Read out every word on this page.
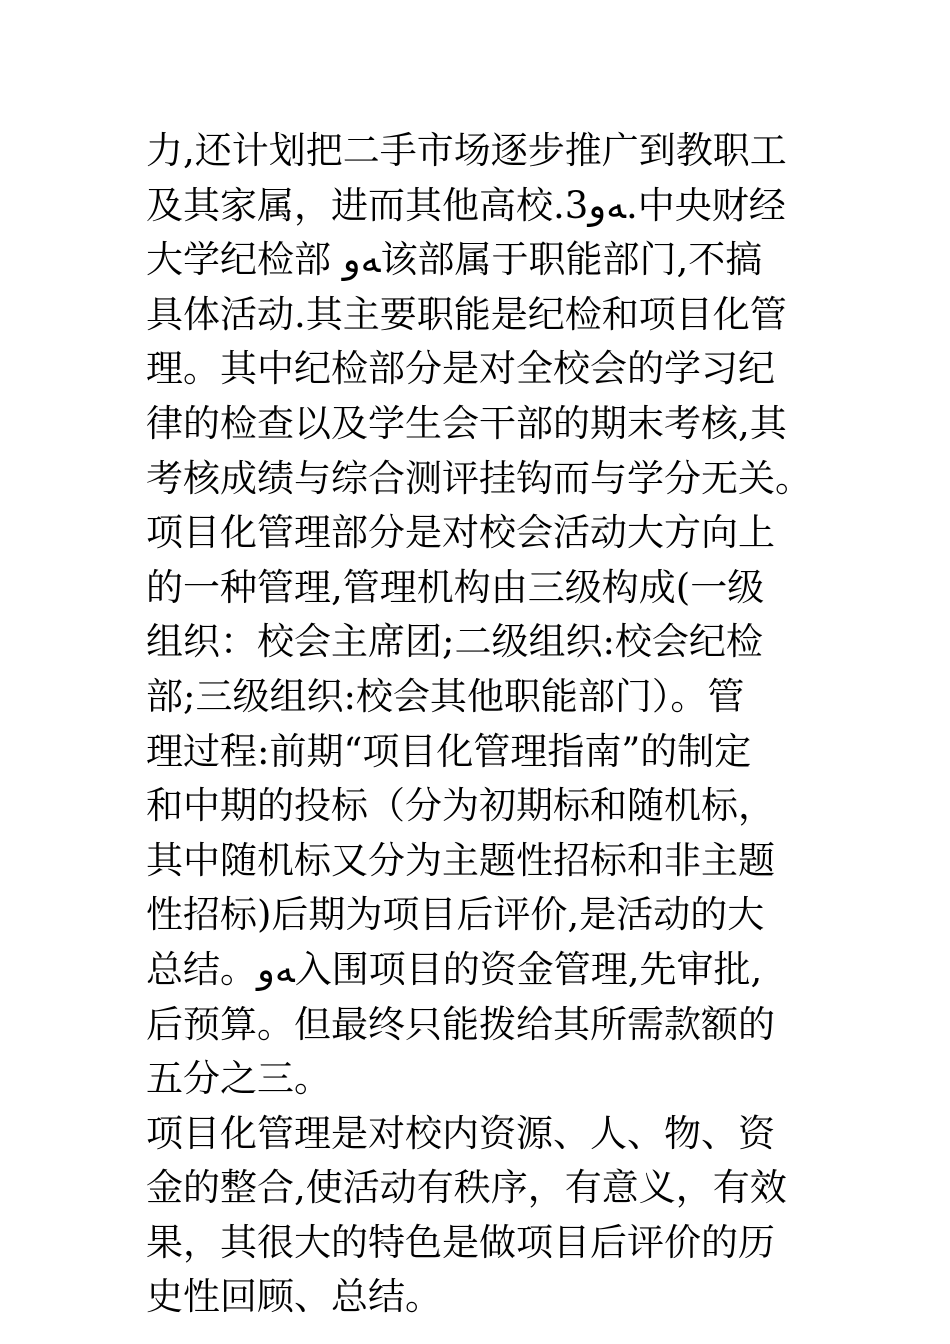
力,还计划把二手市场逐步推广到教职工
及其家属，进而其他高校.3ﻪﻭ.中央财经
大学纪检部 ﻪﻭ该部属于职能部门,不搞
具体活动.其主要职能是纪检和项目化管
理。其中纪检部分是对全校会的学习纪
律的检查以及学生会干部的期末考核,其
考核成绩与综合测评挂钩而与学分无关。
项目化管理部分是对校会活动大方向上
的一种管理,管理机构由三级构成(一级
组织：校会主席团;二级组织:校会纪检
部;三级组织:校会其他职能部门）。管
理过程:前期“项目化管理指南”的制定
和中期的投标（分为初期标和随机标，
其中随机标又分为主题性招标和非主题
性招标)后期为项目后评价,是活动的大
总结。ﻪﻭ入围项目的资金管理,先审批,
后预算。但最终只能拨给其所需款额的
五分之三。
项目化管理是对校内资源、人、物、资
金的整合,使活动有秩序，有意义，有效
果，其很大的特色是做项目后评价的历
史性回顾、总结。
